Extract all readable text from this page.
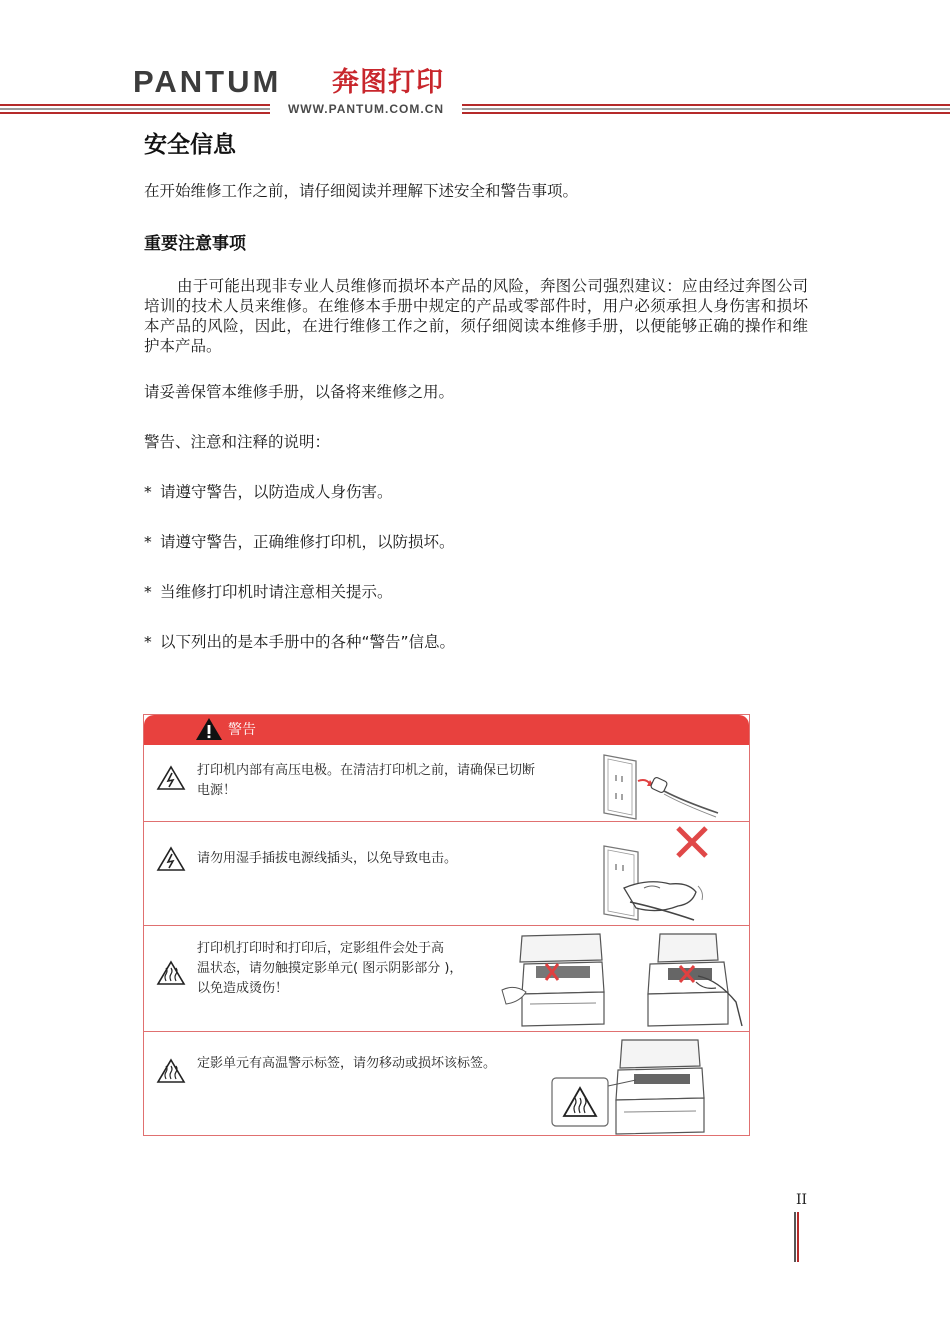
PANTUM 奔图打印
WWW.PANTUM.COM.CN
安全信息
在开始维修工作之前，请仔细阅读并理解下述安全和警告事项。
重要注意事项
由于可能出现非专业人员维修而损坏本产品的风险，奔图公司强烈建议：应由经过奔图公司培训的技术人员来维修。在维修本手册中规定的产品或零部件时，用户必须承担人身伤害和损坏本产品的风险，因此，在进行维修工作之前，须仔细阅读本维修手册，以便能够正确的操作和维护本产品。
请妥善保管本维修手册，以备将来维修之用。
警告、注意和注释的说明：
* 请遵守警告，以防造成人身伤害。
* 请遵守警告，正确维修打印机，以防损坏。
* 当维修打印机时请注意相关提示。
* 以下列出的是本手册中的各种“警告”信息。
警告
打印机内部有高压电极。在清洁打印机之前，请确保已切断
电源！
请勿用湿手插拔电源线插头，以免导致电击。
打印机打印时和打印后，定影组件会处于高
温状态，请勿触摸定影单元( 图示阴影部分 )，
以免造成烫伤！
定影单元有高温警示标签，请勿移动或损坏该标签。
II
